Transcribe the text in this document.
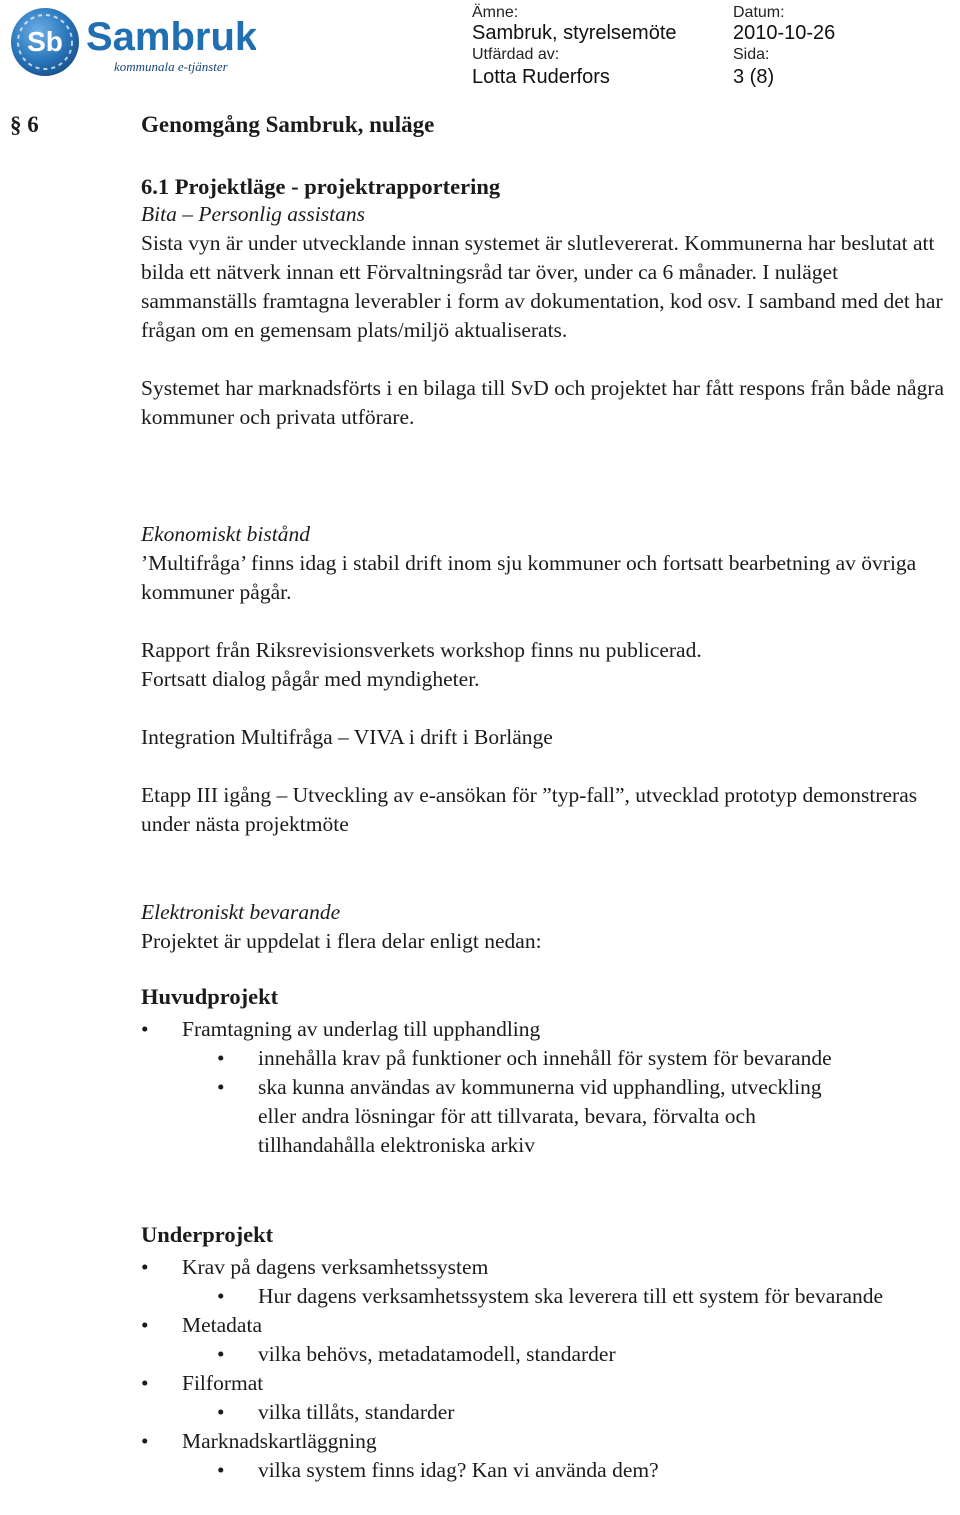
Sb Sambruk
kommunala e-tjänster
Ämne:
Sambruk, styrelsemöte
Datum:
2010-10-26
Utfärdad av:
Lotta Ruderfors
Sida:
3 (8)
§ 6	Genomgång Sambruk, nuläge

6.1 Projektläge - projektrapportering

Bita – Personlig assistans

Sista vyn är under utvecklande innan systemet är slutlevererat. Kommunerna har beslutat att bilda ett nätverk innan ett Förvaltningsråd tar över, under ca 6 månader. I nuläget sammanställs framtagna leverabler i form av dokumentation, kod osv. I samband med det har frågan om en gemensam plats/miljö aktualiserats.

Systemet har marknadsförts i en bilaga till SvD och projektet har fått respons från både några kommuner och privata utförare.

Ekonomiskt bistånd

’Multifråga’ finns idag i stabil drift inom sju kommuner och fortsatt bearbetning av övriga kommuner pågår.

Rapport från Riksrevisionsverkets workshop finns nu publicerad.

Fortsatt dialog pågår med myndigheter.

Integration Multifråga – VIVA i drift i Borlänge

Etapp III igång – Utveckling av e-ansökan för ”typ-fall”, utvecklad prototyp demonstreras under nästa projektmöte

Elektroniskt bevarande

Projektet är uppdelat i flera delar enligt nedan:

Huvudprojekt

• Framtagning av underlag till upphandling
• innehålla krav på funktioner och innehåll för system för bevarande
• ska kunna användas av kommunerna vid upphandling, utveckling eller andra lösningar för att tillvarata, bevara, förvalta och tillhandahålla elektroniska arkiv

Underprojekt

• Krav på dagens verksamhetssystem
• Hur dagens verksamhetssystem ska leverera till ett system för bevarande
• Metadata
• vilka behövs, metadatamodell, standarder
• Filformat
• vilka tillåts, standarder
• Marknadskartläggning
• vilka system finns idag? Kan vi använda dem?
